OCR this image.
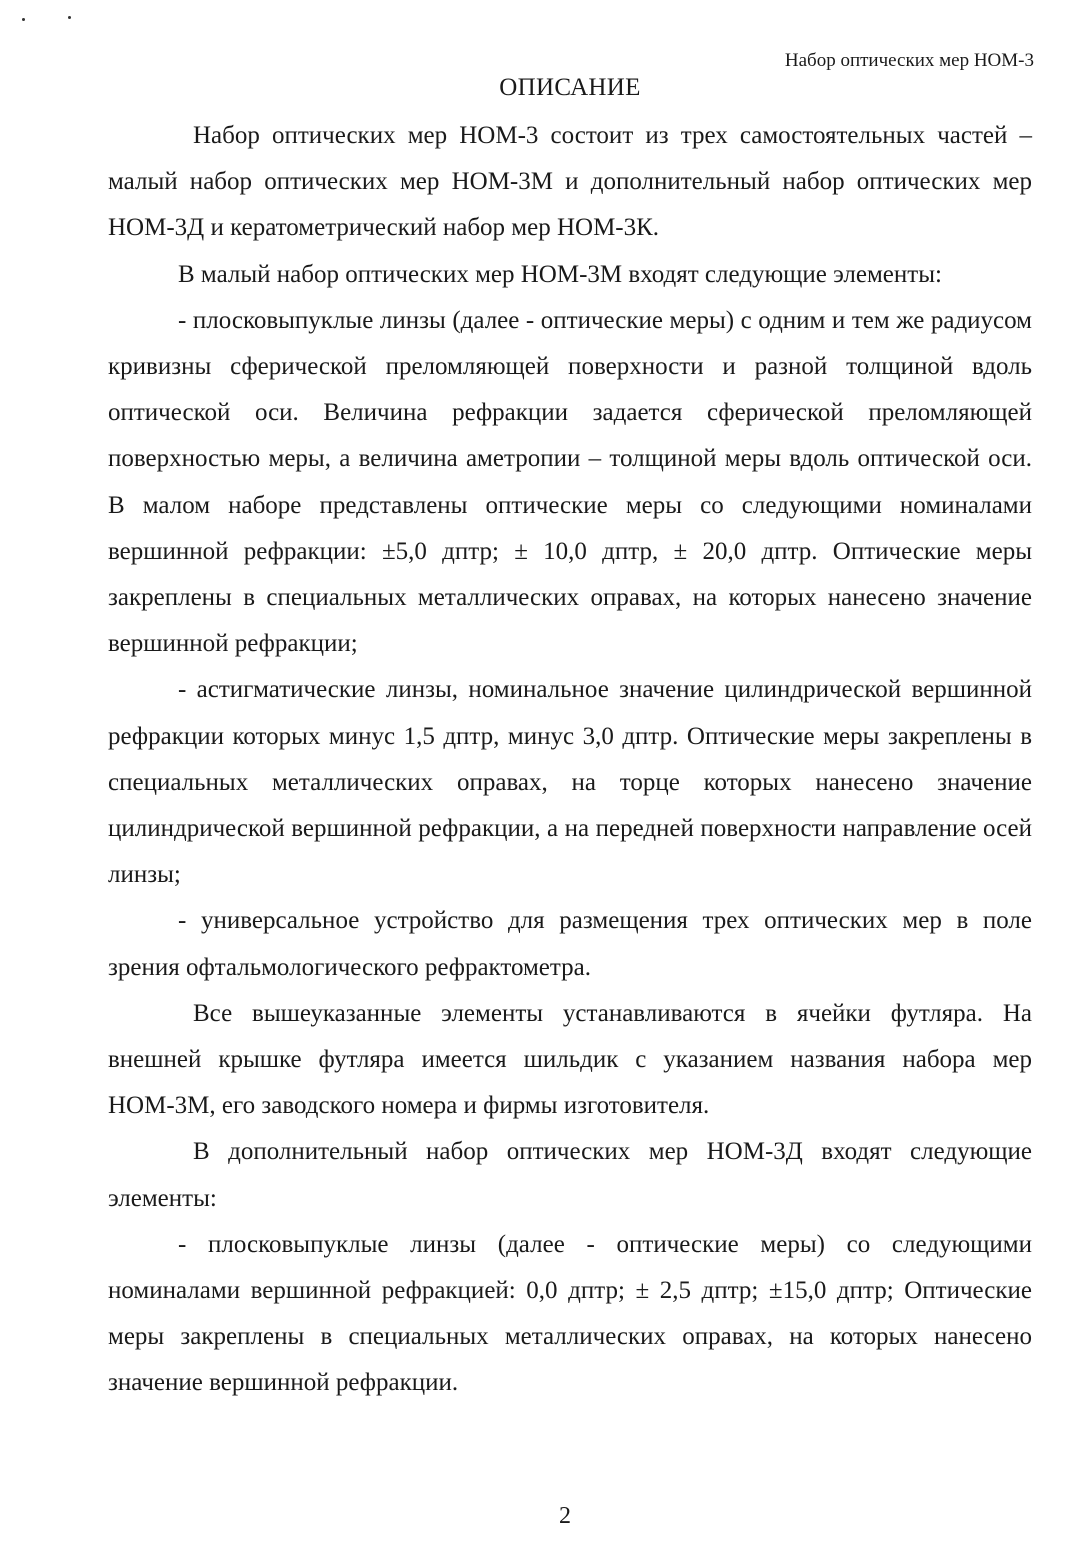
Набор оптических мер НОМ-3
ОПИСАНИЕ

Набор оптических мер НОМ-3 состоит из трех самостоятельных частей – малый набор оптических мер НОМ-3М и дополнительный набор оптических мер НОМ-3Д и кератометрический набор мер НОМ-3К.

В малый набор оптических мер НОМ-3М входят следующие элементы:

- плосковыпуклые линзы (далее - оптические меры) с одним и тем же радиусом кривизны сферической преломляющей поверхности и разной толщиной вдоль оптической оси. Величина рефракции задается сферической преломляющей поверхностью меры, а величина аметропии – толщиной меры вдоль оптической оси. В малом наборе представлены оптические меры со следующими номиналами вершинной рефракции: ±5,0 дптр; ± 10,0 дптр, ± 20,0 дптр. Оптические меры закреплены в специальных металлических оправах, на которых нанесено значение вершинной рефракции;

- астигматические линзы, номинальное значение цилиндрической вершинной рефракции которых минус 1,5 дптр, минус 3,0 дптр. Оптические меры закреплены в специальных металлических оправах, на торце которых нанесено значение цилиндрической вершинной рефракции, а на передней поверхности направление осей линзы;

- универсальное устройство для размещения трех оптических мер в поле зрения офтальмологического рефрактометра.

Все вышеуказанные элементы устанавливаются в ячейки футляра. На внешней крышке футляра имеется шильдик с указанием названия набора мер НОМ-3М, его заводского номера и фирмы изготовителя.

В дополнительный набор оптических мер НОМ-3Д входят следующие элементы:

- плосковыпуклые линзы (далее - оптические меры) со следующими номиналами вершинной рефракцией: 0,0 дптр; ± 2,5 дптр; ±15,0 дптр; Оптические меры закреплены в специальных металлических оправах, на которых нанесено значение вершинной рефракции.

2
